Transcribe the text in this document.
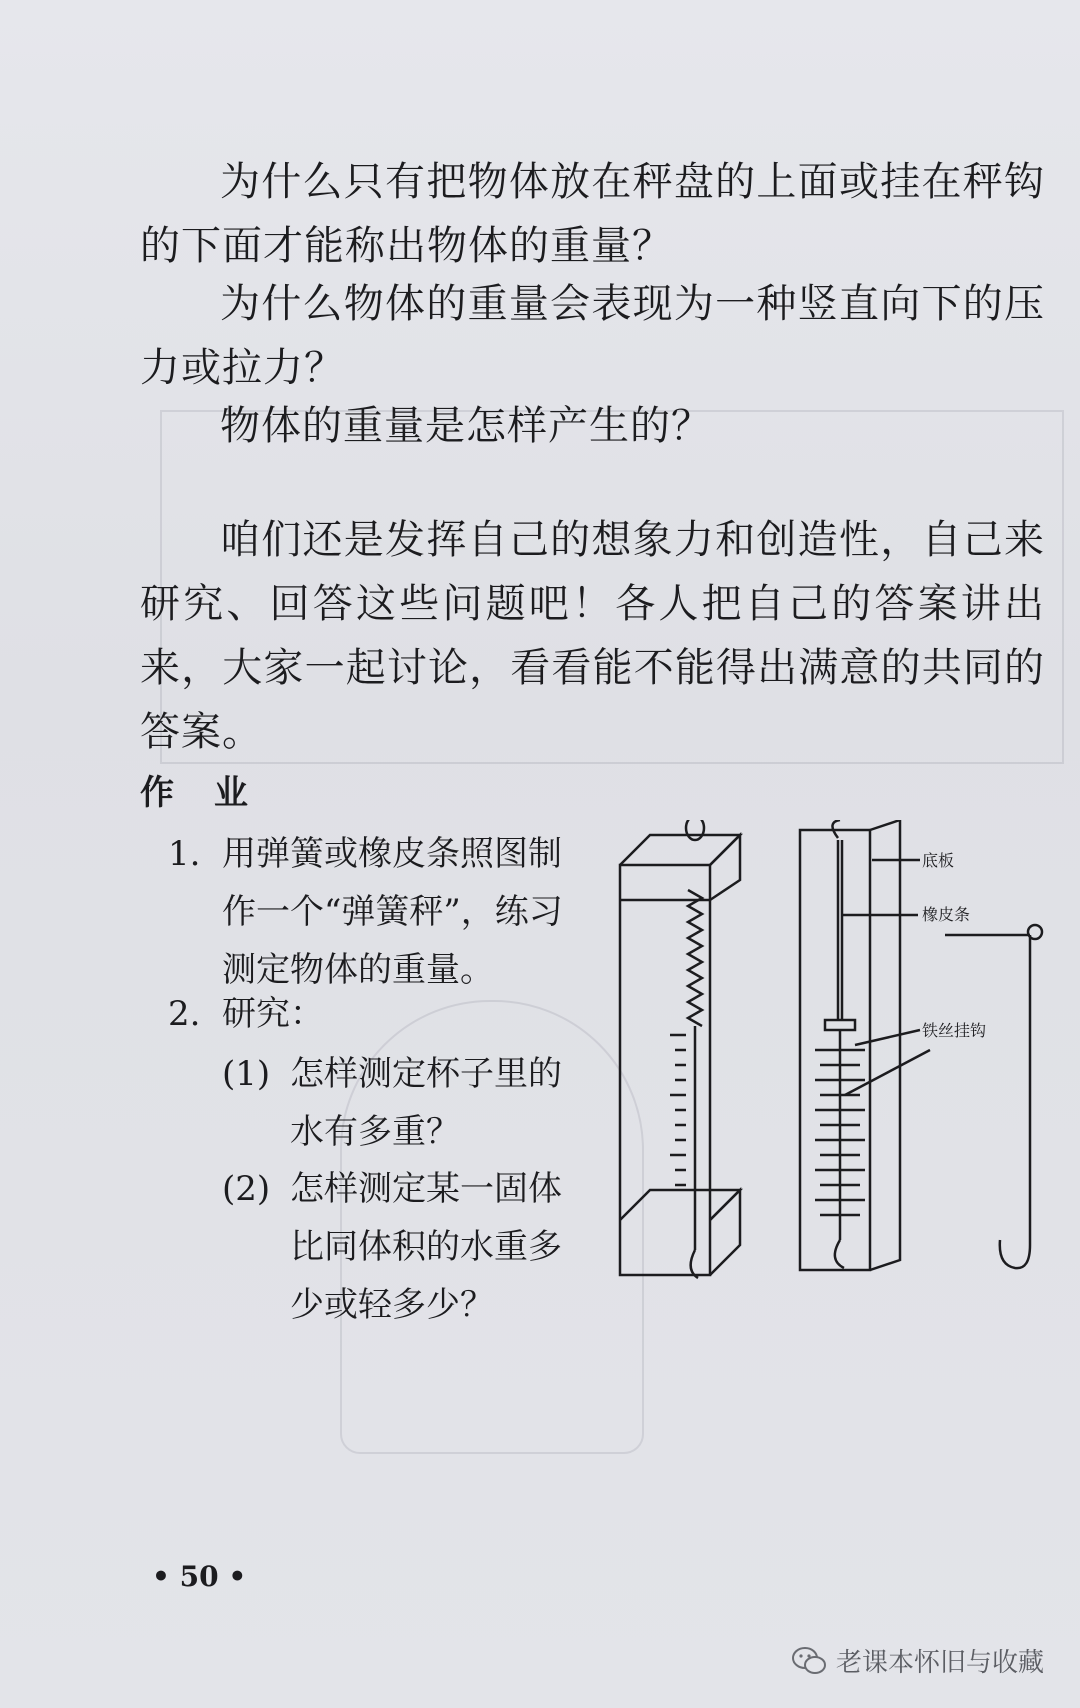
为什么只有把物体放在秤盘的上面或挂在秤钩的下面才能称出物体的重量？

为什么物体的重量会表现为一种竖直向下的压力或拉力？

物体的重量是怎样产生的？

咱们还是发挥自己的想象力和创造性，自己来研究、回答这些问题吧！各人把自己的答案讲出来，大家一起讨论，看看能不能得出满意的共同的答案。

作 业
1. 用弹簧或橡皮条照图制作一个“弹簧秤”，练习测定物体的重量。
2. 研究：
(1) 怎样测定杯子里的水有多重？
(2) 怎样测定某一固体比同体积的水重多少或轻多少？
底板
橡皮条
铁丝挂钩
• 50 •
老课本怀旧与收藏
